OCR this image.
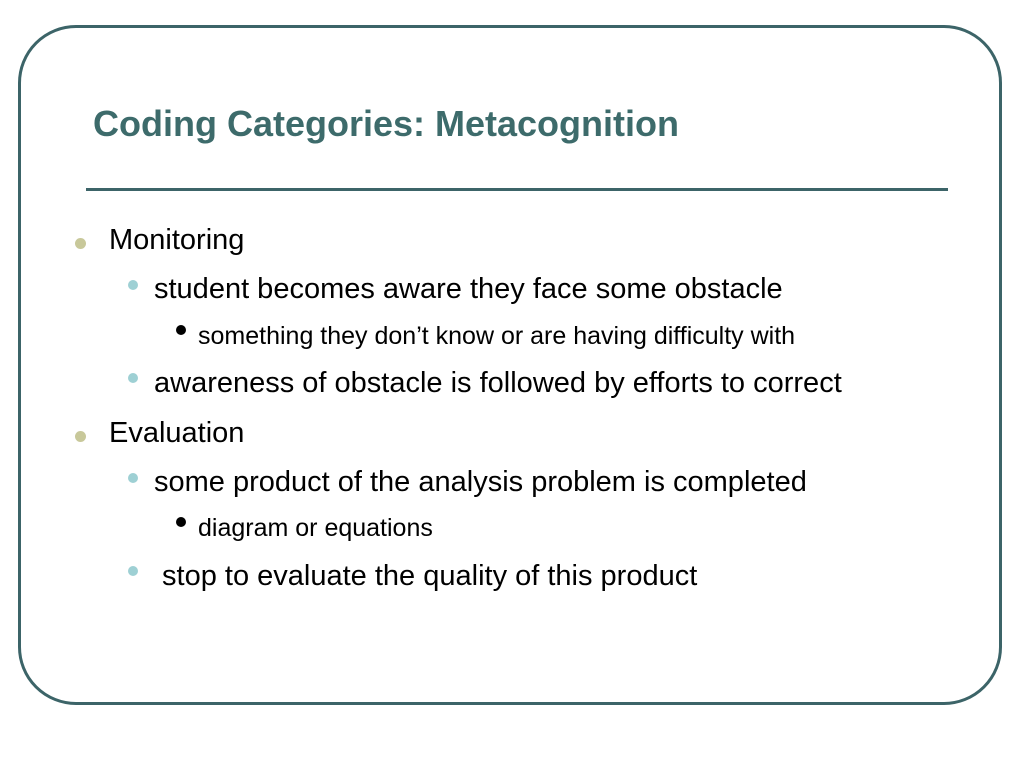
Coding Categories: Metacognition
Monitoring
student becomes aware they face some obstacle
something they don’t know or are having difficulty with
awareness of obstacle is followed by efforts to correct
Evaluation
some product of the analysis problem is completed
diagram or equations
stop to evaluate the quality of this product
